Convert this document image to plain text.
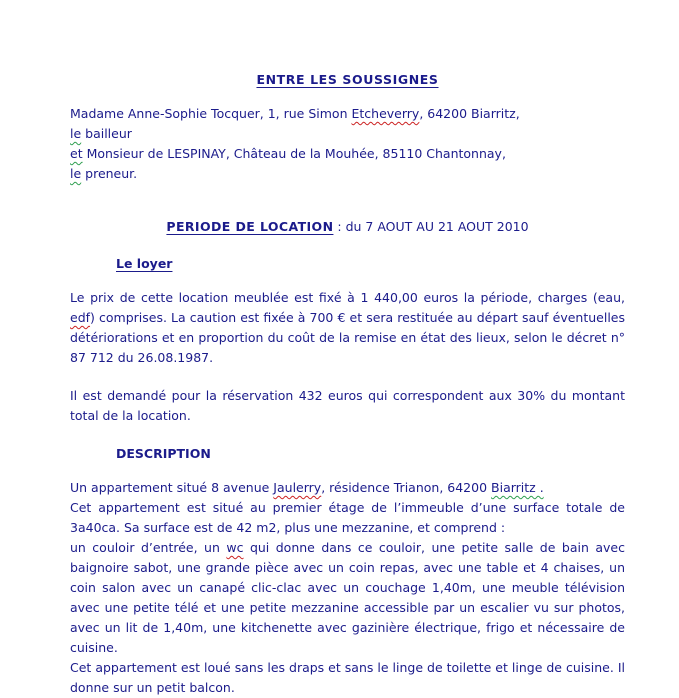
ENTRE LES SOUSSIGNES

Madame Anne-Sophie Tocquer, 1, rue Simon Etcheverry, 64200 Biarritz,

le bailleur

et Monsieur de LESPINAY, Château de la Mouhée, 85110 Chantonnay,

le preneur.

PERIODE DE LOCATION : du 7 AOUT AU 21 AOUT 2010

Le loyer

Le prix de cette location meublée est fixé à 1 440,00 euros la période, charges (eau, edf) comprises. La caution est fixée à 700 € et sera restituée au départ sauf éventuelles détériorations et en proportion du coût de la remise en état des lieux, selon le décret n° 87 712 du 26.08.1987.

Il est demandé pour la réservation 432 euros qui correspondent aux 30% du montant total de la location.

DESCRIPTION

Un appartement situé 8 avenue Jaulerry, résidence Trianon, 64200 Biarritz .

Cet appartement est situé au premier étage de l’immeuble d’une surface totale de 3a40ca. Sa surface est de 42 m2, plus une mezzanine, et comprend :

un couloir d’entrée, un wc qui donne dans ce couloir, une petite salle de bain avec baignoire sabot, une grande pièce avec un coin repas, avec une table et 4 chaises, un coin salon avec un canapé clic-clac avec un couchage 1,40m, une meuble télévision avec une petite télé et une petite mezzanine accessible par un escalier vu sur photos, avec un lit de 1,40m, une kitchenette avec gazinière électrique, frigo et nécessaire de cuisine.

Cet appartement est loué sans les draps et sans le linge de toilette et linge de cuisine. Il donne sur un petit balcon.
